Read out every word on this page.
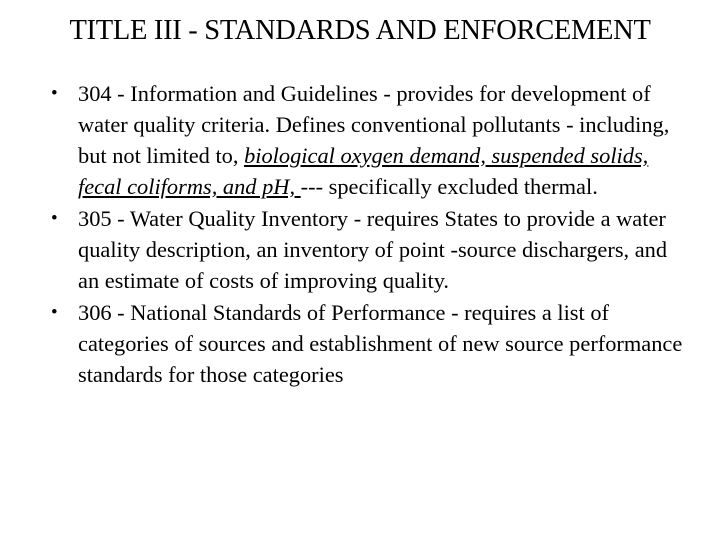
TITLE III - STANDARDS AND ENFORCEMENT
• 304 - Information and Guidelines - provides for development of water quality criteria. Defines conventional pollutants - including, but not limited to, biological oxygen demand, suspended solids, fecal coliforms, and pH, --- specifically excluded thermal.
• 305 - Water Quality Inventory - requires States to provide a water quality description, an inventory of point -source dischargers, and an estimate of costs of improving quality.
• 306 - National Standards of Performance - requires a list of categories of sources and establishment of new source performance standards for those categories
